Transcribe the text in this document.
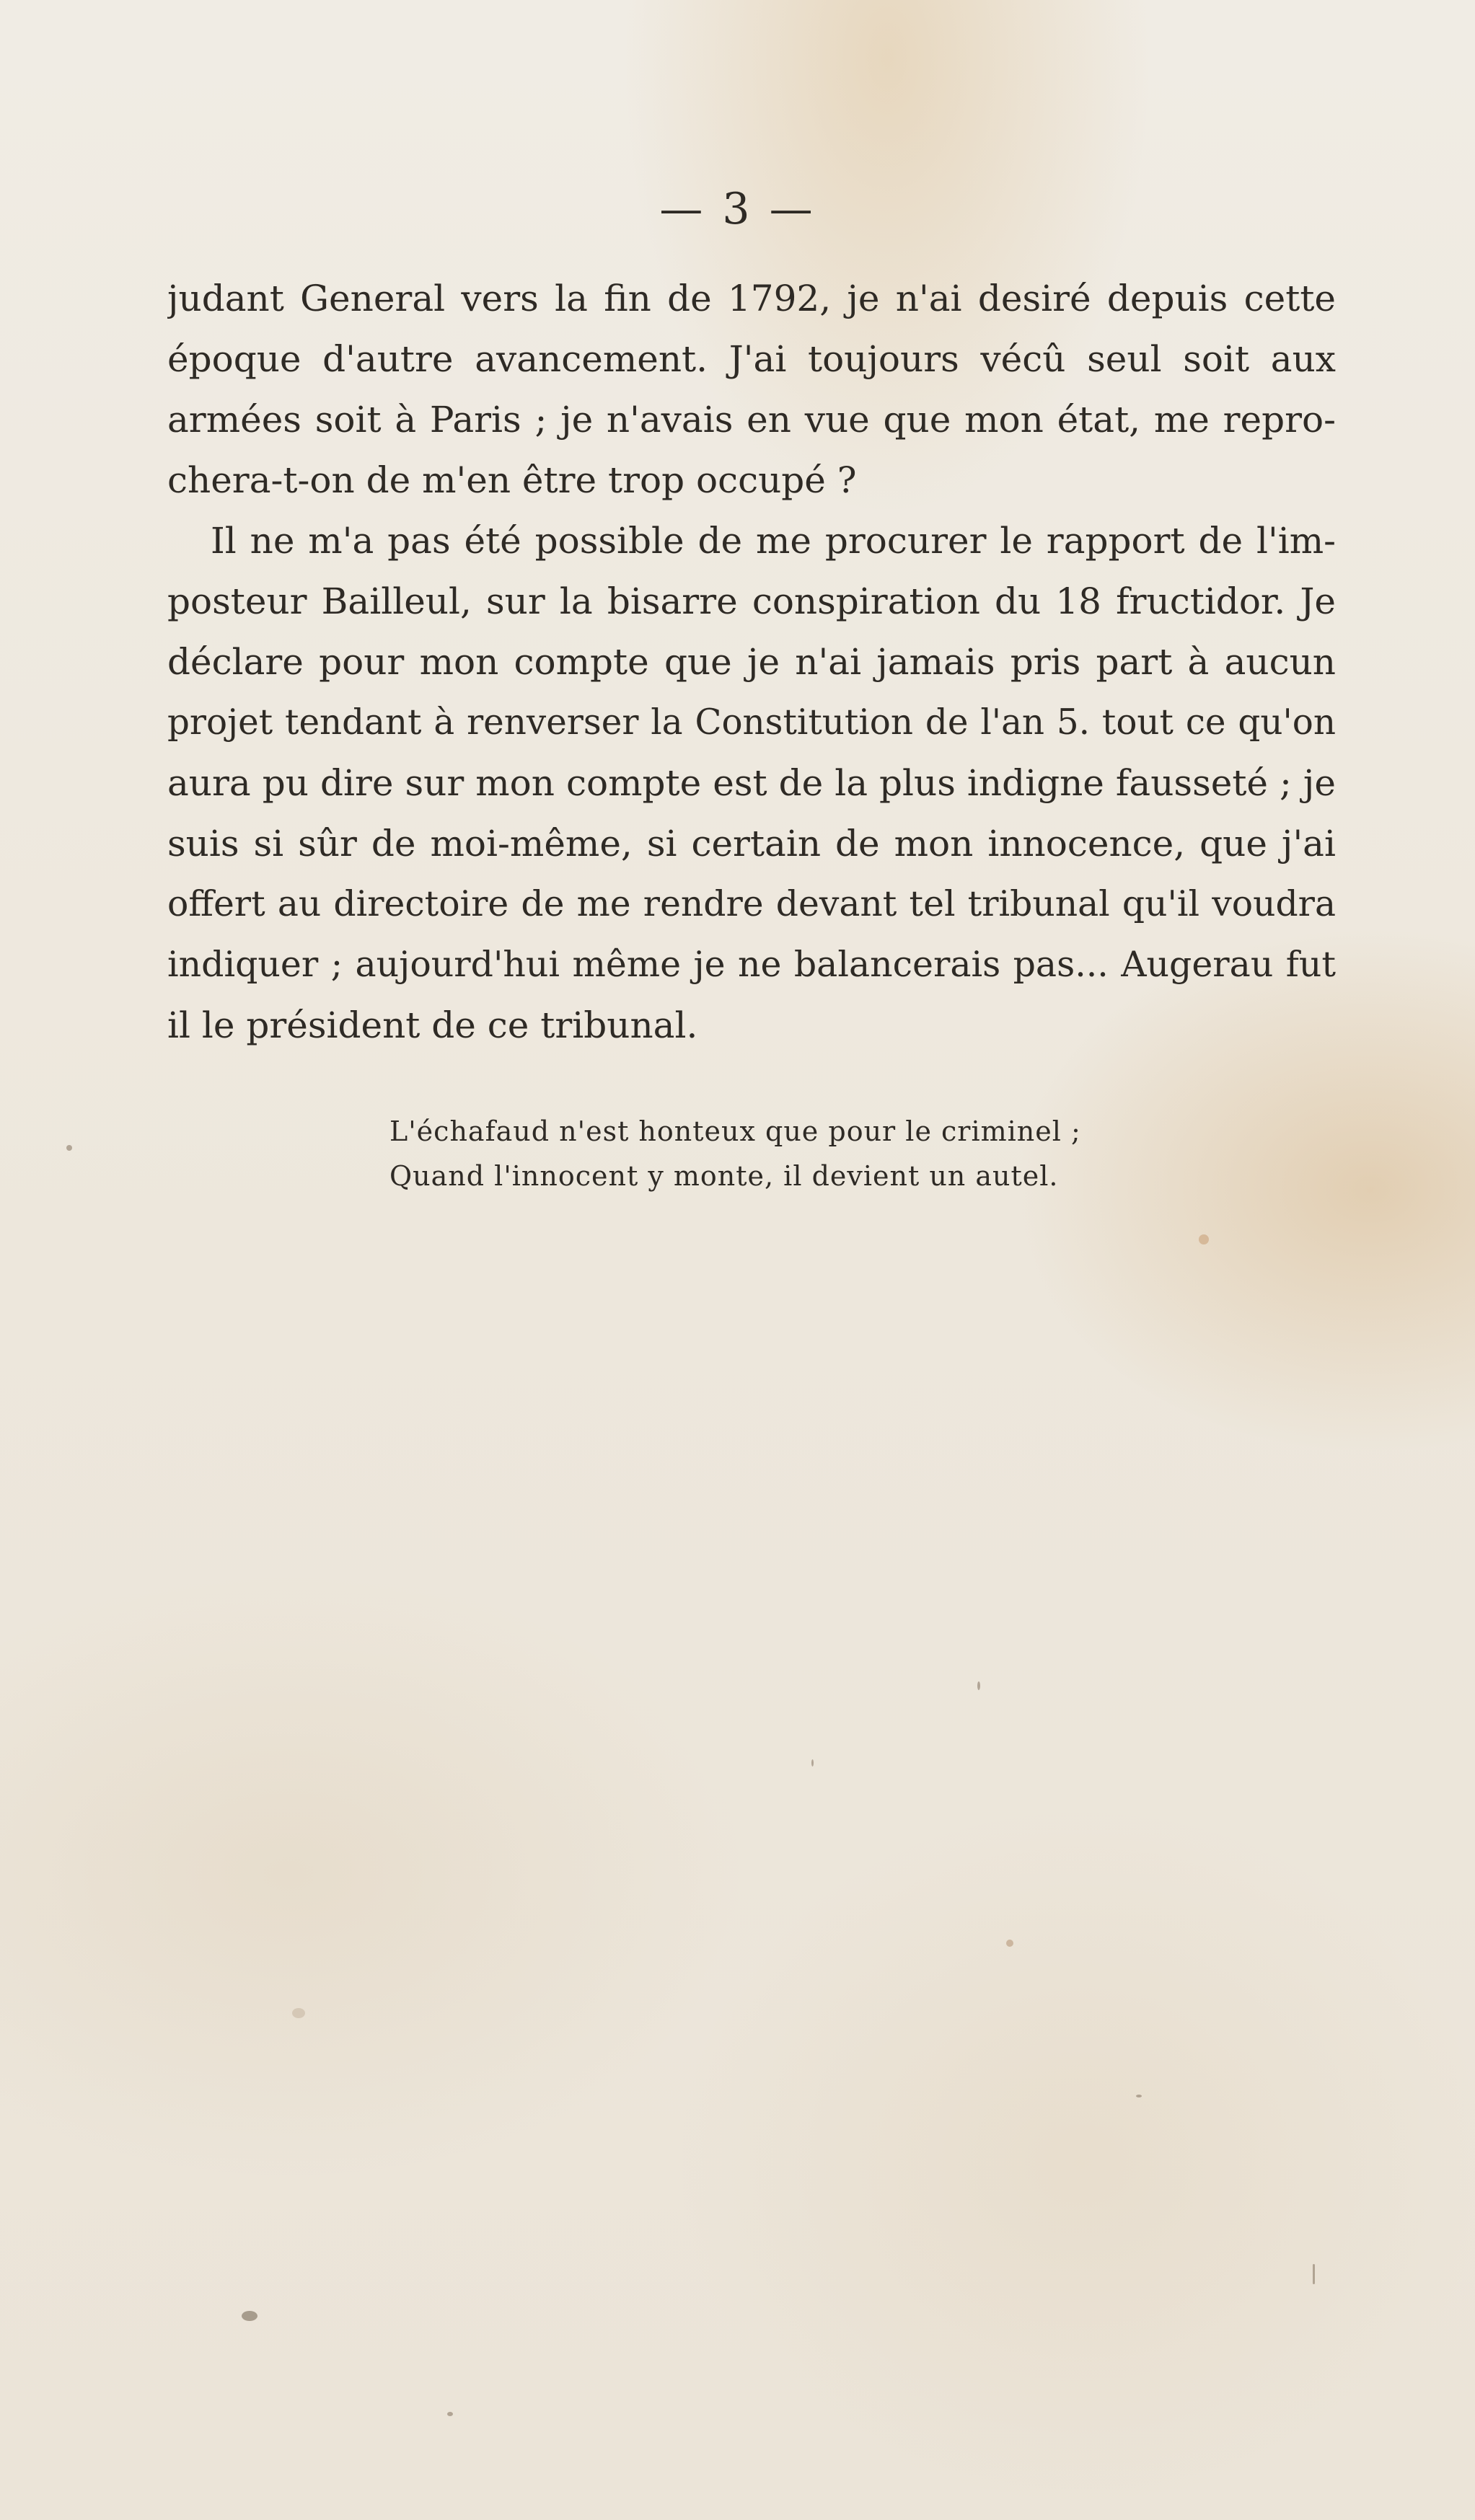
— 3 —
judant General vers la fin de 1792, je n'ai desiré depuis cette
époque d'autre avancement. J'ai toujours vécû seul soit aux
armées soit à Paris ; je n'avais en vue que mon état, me repro-
chera-t-on de m'en être trop occupé ?
Il ne m'a pas été possible de me procurer le rapport de l'im-
posteur Bailleul, sur la bisarre conspiration du 18 fructidor. Je
déclare pour mon compte que je n'ai jamais pris part à aucun
projet tendant à renverser la Constitution de l'an 5. tout ce qu'on
aura pu dire sur mon compte est de la plus indigne fausseté ; je
suis si sûr de moi-même, si certain de mon innocence, que j'ai
offert au directoire de me rendre devant tel tribunal qu'il voudra
indiquer ; aujourd'hui même je ne balancerais pas... Augerau fut
il le président de ce tribunal.
L'échafaud n'est honteux que pour le criminel ;
Quand l'innocent y monte, il devient un autel.
